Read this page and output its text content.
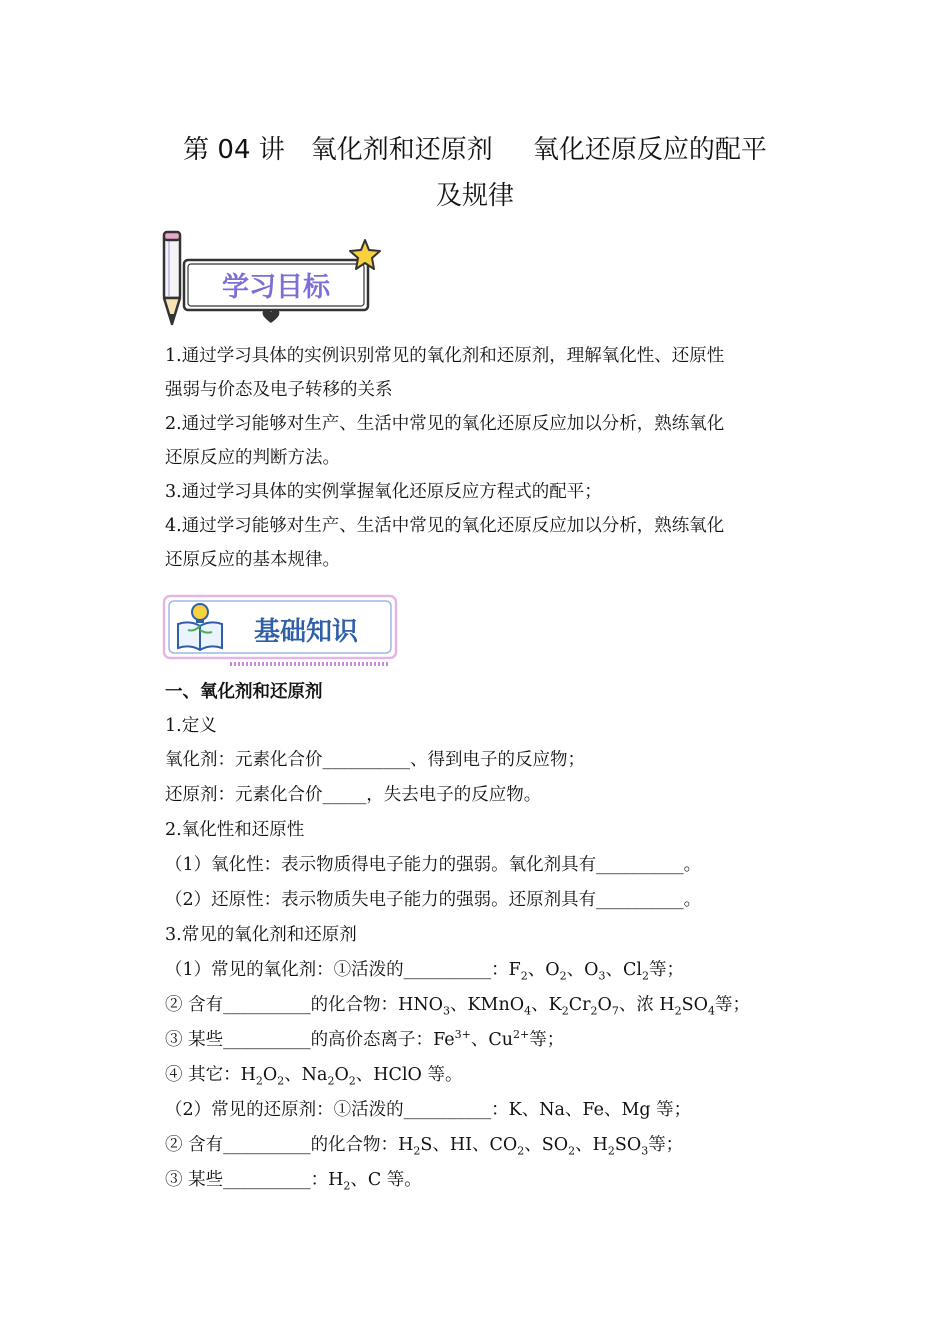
第 04 讲 氧化剂和还原剂 氧化还原反应的配平
及规律
学习目标
1.通过学习具体的实例识别常见的氧化剂和还原剂，理解氧化性、还原性
强弱与价态及电子转移的关系
2.通过学习能够对生产、生活中常见的氧化还原反应加以分析，熟练氧化
还原反应的判断方法。
3.通过学习具体的实例掌握氧化还原反应方程式的配平；
4.通过学习能够对生产、生活中常见的氧化还原反应加以分析，熟练氧化
还原反应的基本规律。
基础知识
一、氧化剂和还原剂
1.定义
氧化剂：元素化合价__________、得到电子的反应物；
还原剂：元素化合价_____，失去电子的反应物。
2.氧化性和还原性
（1）氧化性：表示物质得电子能力的强弱。氧化剂具有__________。
（2）还原性：表示物质失电子能力的强弱。还原剂具有__________。
3.常见的氧化剂和还原剂
（1）常见的氧化剂：①活泼的__________：$F_2$、$O_2$、$O_3$、$Cl_2$等；
② 含有__________的化合物：$HNO_3$、KMnO$_4$、$K_2Cr_2O_7$、浓 $H_2SO_4$等；
③ 某些__________的高价态离子：$Fe^{3+}$、$Cu^{2+}$等；
④ 其它：$H_2O_2$、$Na_2O_2$、HClO 等。
（2）常见的还原剂：①活泼的__________：K、Na、Fe、Mg 等；
② 含有__________的化合物：$H_2S$、HI、$CO_2$、$SO_2$、$H_2SO_3$等；
③ 某些__________：$H_2$、C 等。
